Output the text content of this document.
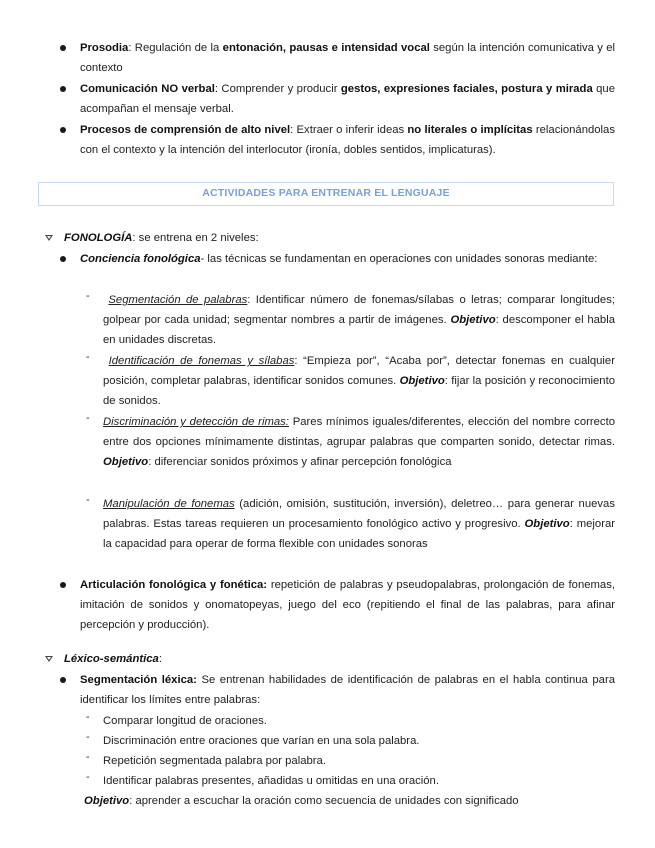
Prosodia: Regulación de la entonación, pausas e intensidad vocal según la intención comunicativa y el contexto
Comunicación NO verbal: Comprender y producir gestos, expresiones faciales, postura y mirada que acompañan el mensaje verbal.
Procesos de comprensión de alto nivel: Extraer o inferir ideas no literales o implícitas relacionándolas con el contexto y la intención del interlocutor (ironía, dobles sentidos, implicaturas).
ACTIVIDADES PARA ENTRENAR EL LENGUAJE
FONOLOGÍA: se entrena en 2 niveles:
Conciencia fonológica- las técnicas se fundamentan en operaciones con unidades sonoras mediante:
-	Segmentación de palabras: Identificar número de fonemas/sílabas o letras; comparar longitudes; golpear por cada unidad; segmentar nombres a partir de imágenes. Objetivo: descomponer el habla en unidades discretas.
-	Identificación de fonemas y sílabas: “Empieza por”, “Acaba por”, detectar fonemas en cualquier posición, completar palabras, identificar sonidos comunes. Objetivo: fijar la posición y reconocimiento de sonidos.
- Discriminación y detección de rimas: Pares mínimos iguales/diferentes, elección del nombre correcto entre dos opciones mínimamente distintas, agrupar palabras que comparten sonido, detectar rimas. Objetivo: diferenciar sonidos próximos y afinar percepción fonológica
- Manipulación de fonemas (adición, omisión, sustitución, inversión), deletreo… para generar nuevas palabras. Estas tareas requieren un procesamiento fonológico activo y progresivo. Objetivo: mejorar la capacidad para operar de forma flexible con unidades sonoras
Articulación fonológica y fonética: repetición de palabras y pseudopalabras, prolongación de fonemas, imitación de sonidos y onomatopeyas, juego del eco (repitiendo el final de las palabras, para afinar percepción y producción).
Léxico-semántica:
Segmentación léxica: Se entrenan habilidades de identificación de palabras en el habla continua para identificar los límites entre palabras:
- Comparar longitud de oraciones.
- Discriminación entre oraciones que varían en una sola palabra.
- Repetición segmentada palabra por palabra.
- Identificar palabras presentes, añadidas u omitidas en una oración.
Objetivo: aprender a escuchar la oración como secuencia de unidades con significado
